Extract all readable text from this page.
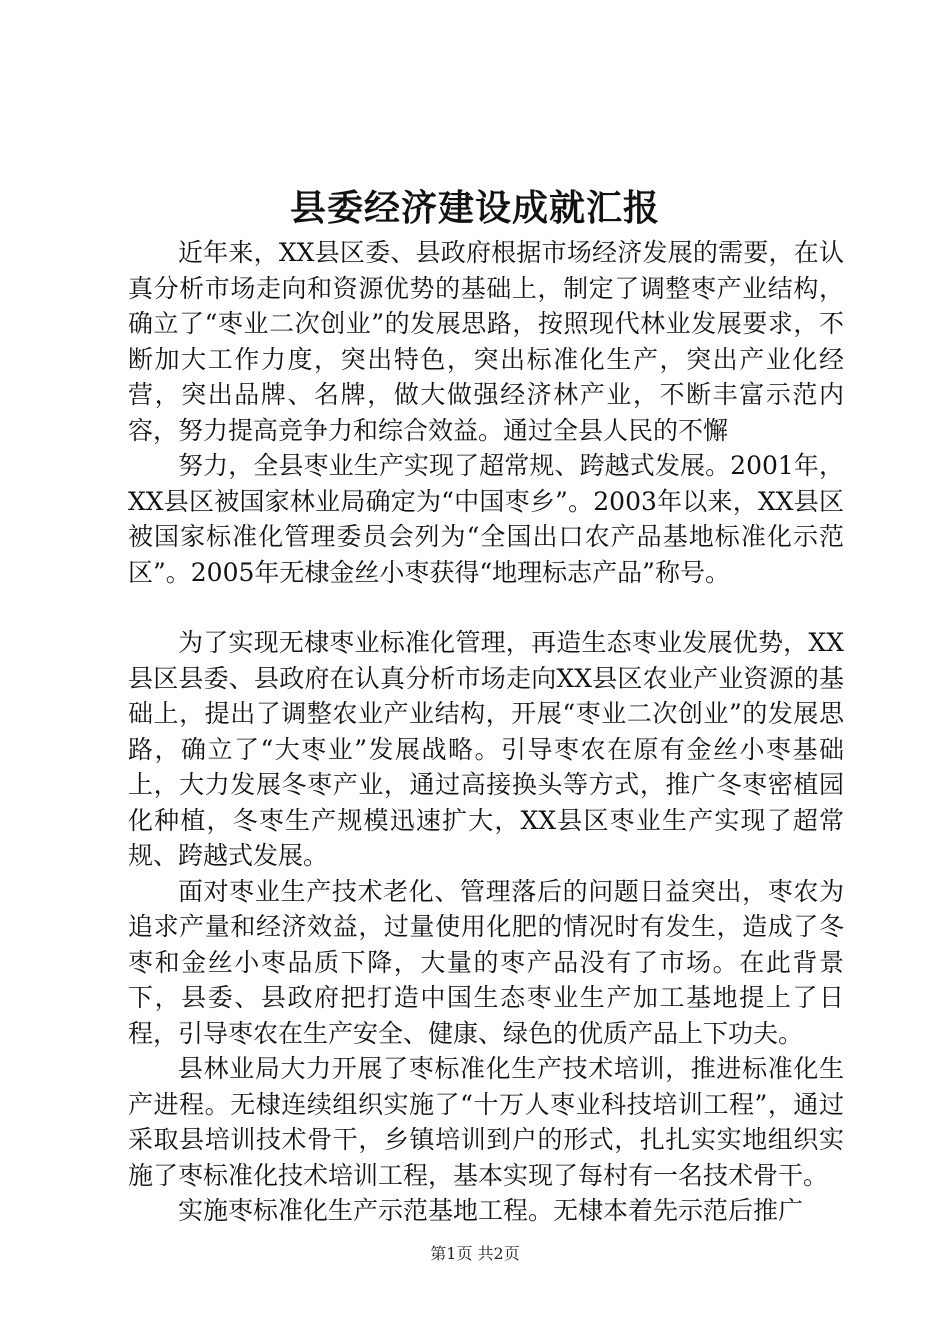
县委经济建设成就汇报

近年来，XX县区委、县政府根据市场经济发展的需要，在认真分析市场走向和资源优势的基础上，制定了调整枣产业结构，确立了“枣业二次创业”的发展思路，按照现代林业发展要求，不断加大工作力度，突出特色，突出标准化生产，突出产业化经营，突出品牌、名牌，做大做强经济林产业，不断丰富示范内容，努力提高竞争力和综合效益。通过全县人民的不懈

努力，全县枣业生产实现了超常规、跨越式发展。2001年，XX县区被国家林业局确定为“中国枣乡”。2003年以来，XX县区被国家标准化管理委员会列为“全国出口农产品基地标准化示范区”。2005年无棣金丝小枣获得“地理标志产品”称号。

为了实现无棣枣业标准化管理，再造生态枣业发展优势，XX县区县委、县政府在认真分析市场走向XX县区农业产业资源的基础上，提出了调整农业产业结构，开展“枣业二次创业”的发展思路，确立了“大枣业”发展战略。引导枣农在原有金丝小枣基础上，大力发展冬枣产业，通过高接换头等方式，推广冬枣密植园化种植，冬枣生产规模迅速扩大，XX县区枣业生产实现了超常规、跨越式发展。

面对枣业生产技术老化、管理落后的问题日益突出，枣农为追求产量和经济效益，过量使用化肥的情况时有发生，造成了冬枣和金丝小枣品质下降，大量的枣产品没有了市场。在此背景下，县委、县政府把打造中国生态枣业生产加工基地提上了日程，引导枣农在生产安全、健康、绿色的优质产品上下功夫。

县林业局大力开展了枣标准化生产技术培训，推进标准化生产进程。无棣连续组织实施了“十万人枣业科技培训工程”，通过采取县培训技术骨干，乡镇培训到户的形式，扎扎实实地组织实施了枣标准化技术培训工程，基本实现了每村有一名技术骨干。

实施枣标准化生产示范基地工程。无棣本着先示范后推广

第1页 共2页
